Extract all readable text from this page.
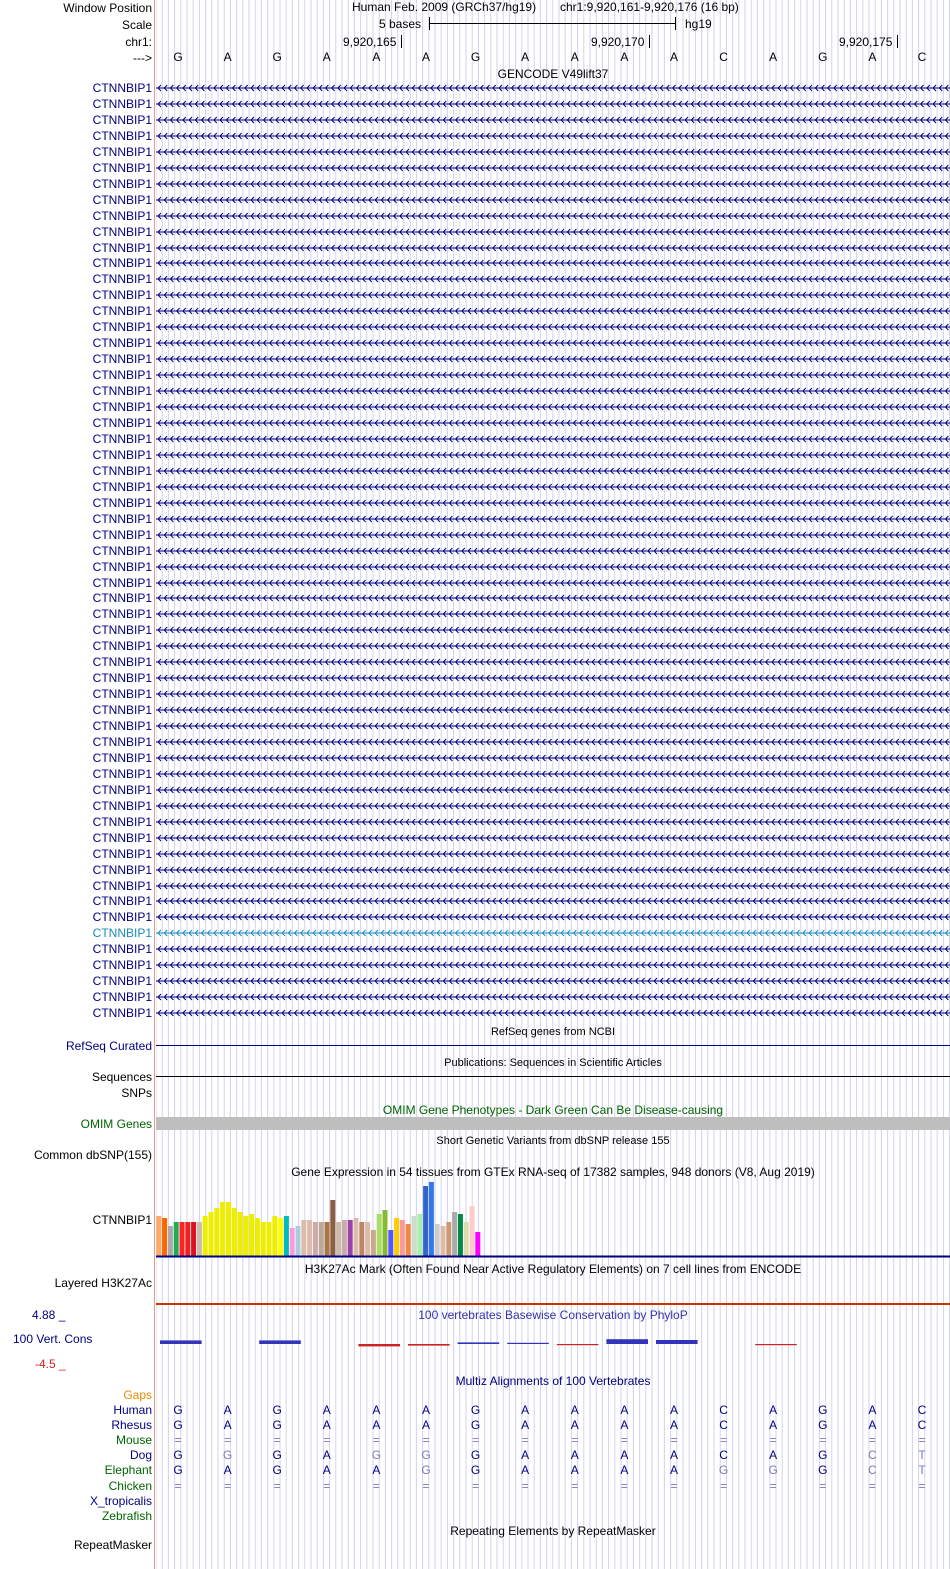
Window Position
Scale
chr1:
--->
Human Feb. 2009 (GRCh37/hg19) chr1:9,920,161-9,920,176 (16 bp)
5 bases	hg19
9,920,165	9,920,170	9,920,175
G	A	G	A	A	A	G	A	A	A	A	C	A	G	A	C
GENCODE V49lift37
CTNNBIP1
CTNNBIP1
CTNNBIP1
CTNNBIP1
CTNNBIP1
CTNNBIP1
CTNNBIP1
CTNNBIP1
CTNNBIP1
CTNNBIP1
CTNNBIP1
CTNNBIP1
CTNNBIP1
CTNNBIP1
CTNNBIP1
CTNNBIP1
CTNNBIP1
CTNNBIP1
CTNNBIP1
CTNNBIP1
CTNNBIP1
CTNNBIP1
CTNNBIP1
CTNNBIP1
CTNNBIP1
CTNNBIP1
CTNNBIP1
CTNNBIP1
CTNNBIP1
CTNNBIP1
CTNNBIP1
CTNNBIP1
CTNNBIP1
CTNNBIP1
CTNNBIP1
CTNNBIP1
CTNNBIP1
CTNNBIP1
CTNNBIP1
CTNNBIP1
CTNNBIP1
CTNNBIP1
CTNNBIP1
CTNNBIP1
CTNNBIP1
CTNNBIP1
CTNNBIP1
CTNNBIP1
CTNNBIP1
CTNNBIP1
CTNNBIP1
CTNNBIP1
CTNNBIP1
CTNNBIP1
CTNNBIP1
CTNNBIP1
CTNNBIP1
CTNNBIP1
CTNNBIP1
RefSeq genes from NCBI
RefSeq Curated
Publications: Sequences in Scientific Articles
Sequences
SNPs
OMIM Gene Phenotypes - Dark Green Can Be Disease-causing
OMIM Genes
Short Genetic Variants from dbSNP release 155
Common dbSNP(155)
Gene Expression in 54 tissues from GTEx RNA-seq of 17382 samples, 948 donors (V8, Aug 2019)
CTNNBIP1
H3K27Ac Mark (Often Found Near Active Regulatory Elements) on 7 cell lines from ENCODE
Layered H3K27Ac
100 vertebrates Basewise Conservation by PhyloP
4.88 _
100 Vert. Cons
-4.5 _
Multiz Alignments of 100 Vertebrates
Gaps
Human	G	A	G	A	A	A	G	A	A	A	A	C	A	G	A	C
Rhesus	G	A	G	A	A	A	G	A	A	A	A	C	A	G	A	C
Mouse	=	=	=	=	=	=	=	=	=	=	=	=	=	=	=	=
Dog	G	G	G	A	G	G	G	A	A	A	A	C	A	G	C	T
Elephant	G	A	G	A	A	G	G	A	A	A	A	G	G	G	C	T
Chicken	=	=	=	=	=	=	=	=	=	=	=	=	=	=	=	=
X_tropicalis
Zebrafish
Repeating Elements by RepeatMasker
RepeatMasker
